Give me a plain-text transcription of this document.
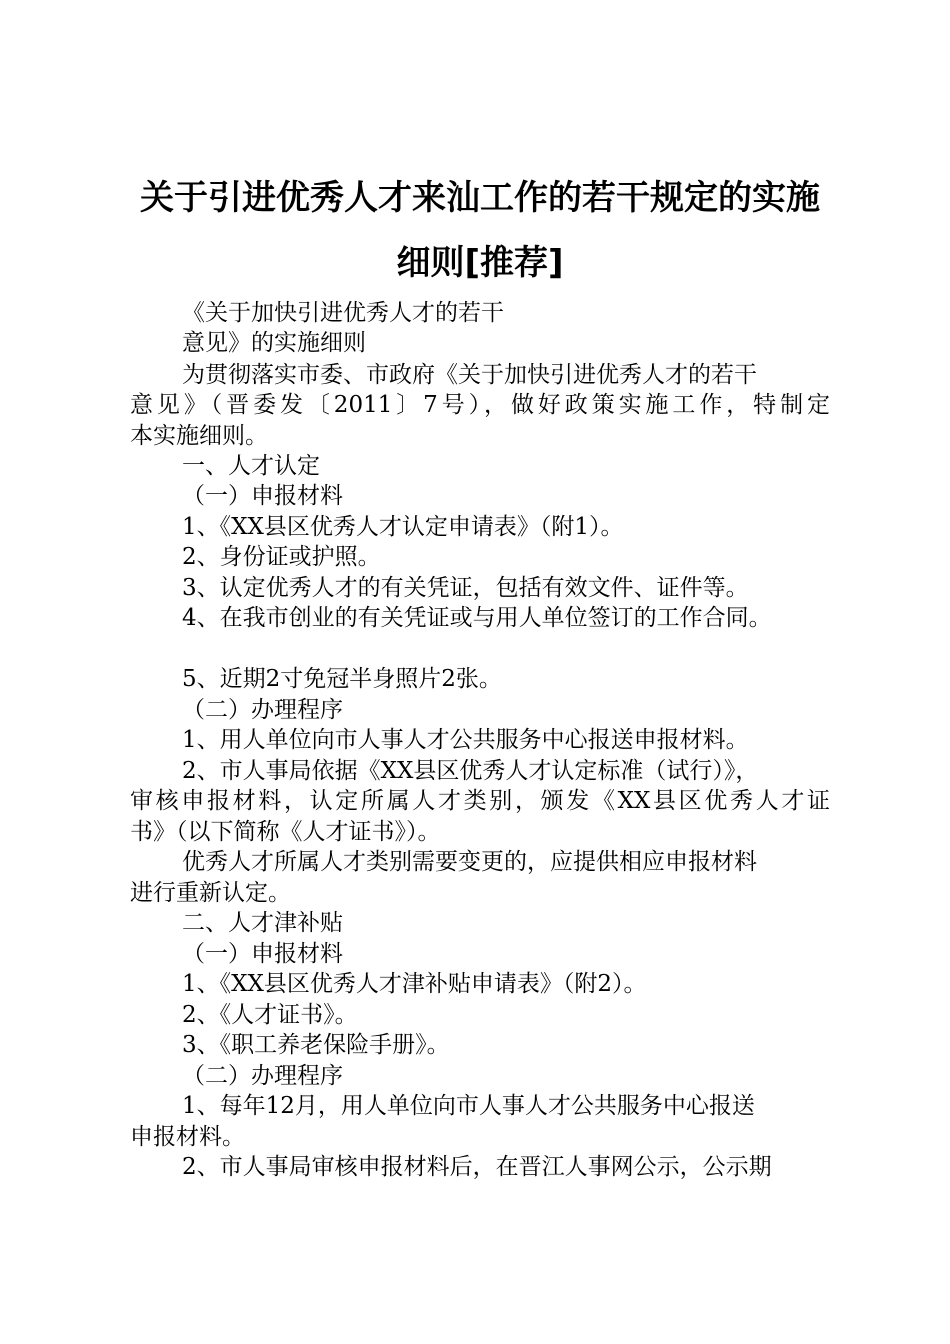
关于引进优秀人才来汕工作的若干规定的实施
细则[推荐]
《关于加快引进优秀人才的若干
意见》的实施细则
为贯彻落实市委、市政府《关于加快引进优秀人才的若干
意见》（晋委发〔2011〕7号），做好政策实施工作，特制定
本实施细则。
一、人才认定
（一）申报材料
1、《XX县区优秀人才认定申请表》（附1）。
2、身份证或护照。
3、认定优秀人才的有关凭证，包括有效文件、证件等。
4、在我市创业的有关凭证或与用人单位签订的工作合同。
5、近期2寸免冠半身照片2张。
（二）办理程序
1、用人单位向市人事人才公共服务中心报送申报材料。
2、市人事局依据《XX县区优秀人才认定标准（试行）》，
审核申报材料，认定所属人才类别，颁发《XX县区优秀人才证
书》（以下简称《人才证书》）。
优秀人才所属人才类别需要变更的，应提供相应申报材料
进行重新认定。
二、人才津补贴
（一）申报材料
1、《XX县区优秀人才津补贴申请表》（附2）。
2、《人才证书》。
3、《职工养老保险手册》。
（二）办理程序
1、每年12月，用人单位向市人事人才公共服务中心报送
申报材料。
2、市人事局审核申报材料后，在晋江人事网公示，公示期
